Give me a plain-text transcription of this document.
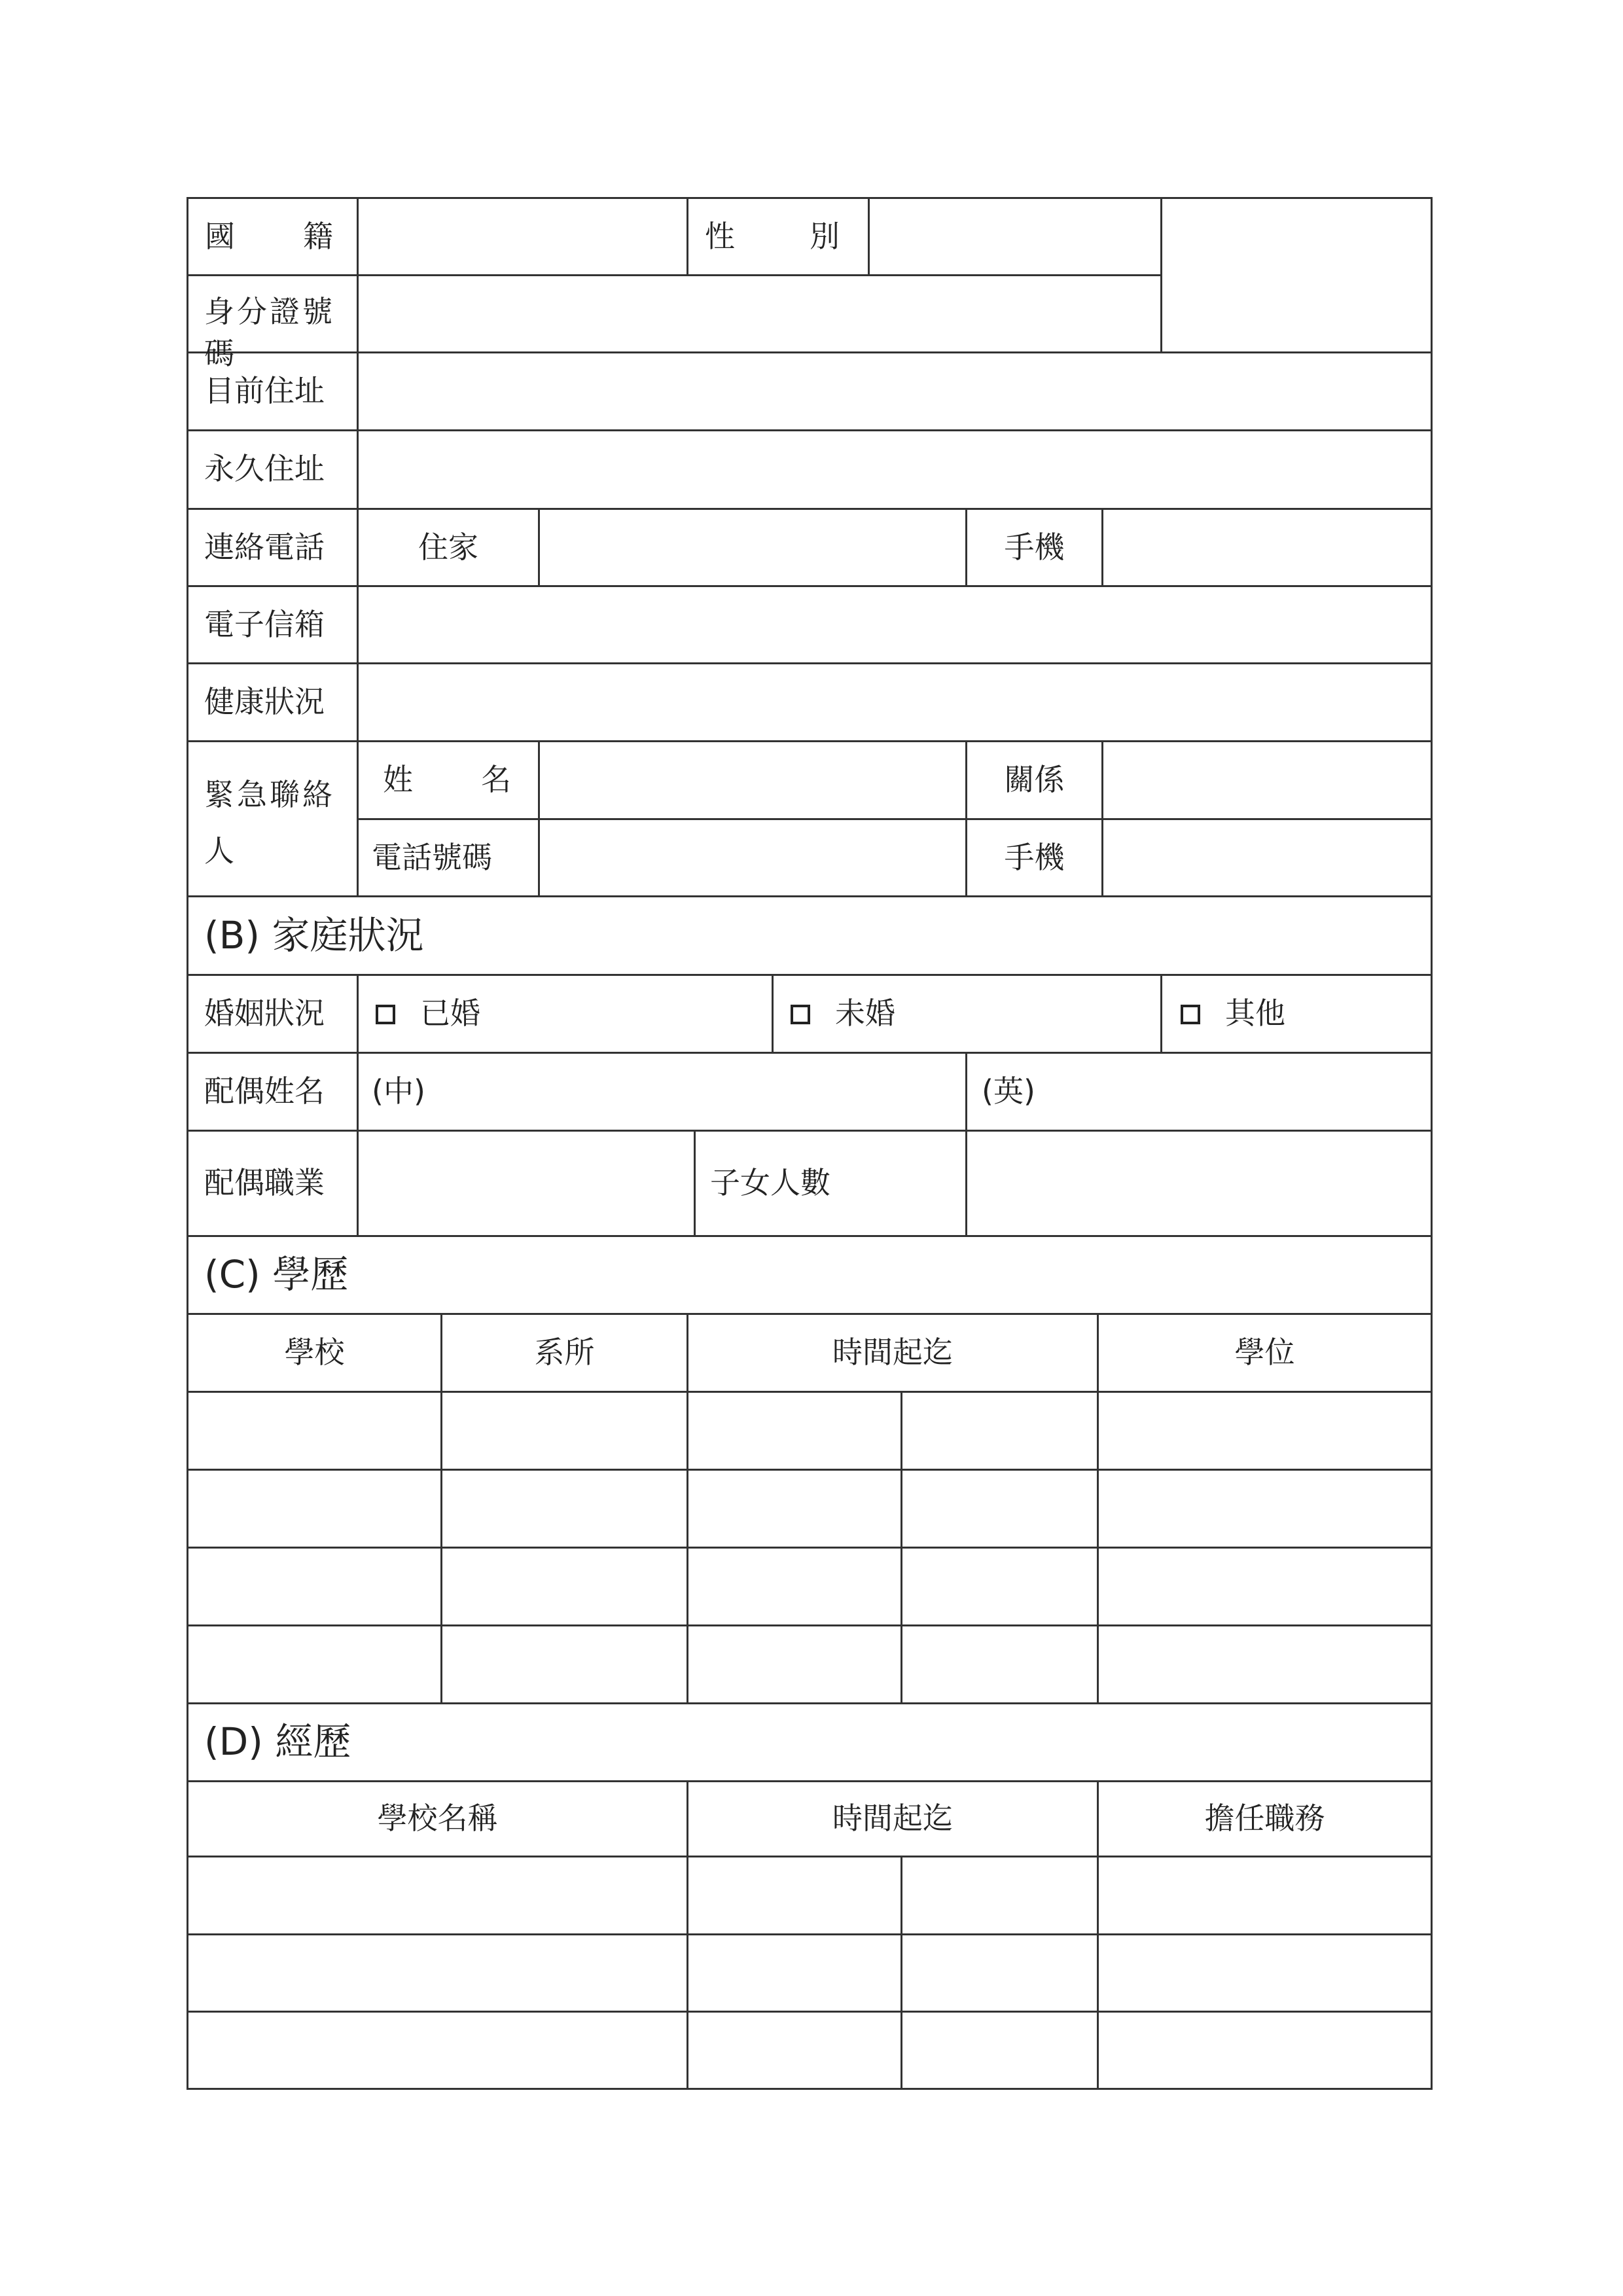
國 籍	性 別
身分證號碼
目前住址
永久住址
連絡電話	住家	手機
電子信箱
健康狀況
緊急聯絡
人
姓 名	關係
電話號碼	手機
(B) 家庭狀況
婚姻狀況	已婚	未婚	其他
配偶姓名 (中)	(英)
配偶職業	子女人數
(C) 學歷
學校	系所	時間起迄	學位
(D) 經歷
學校名稱	時間起迄	擔任職務
